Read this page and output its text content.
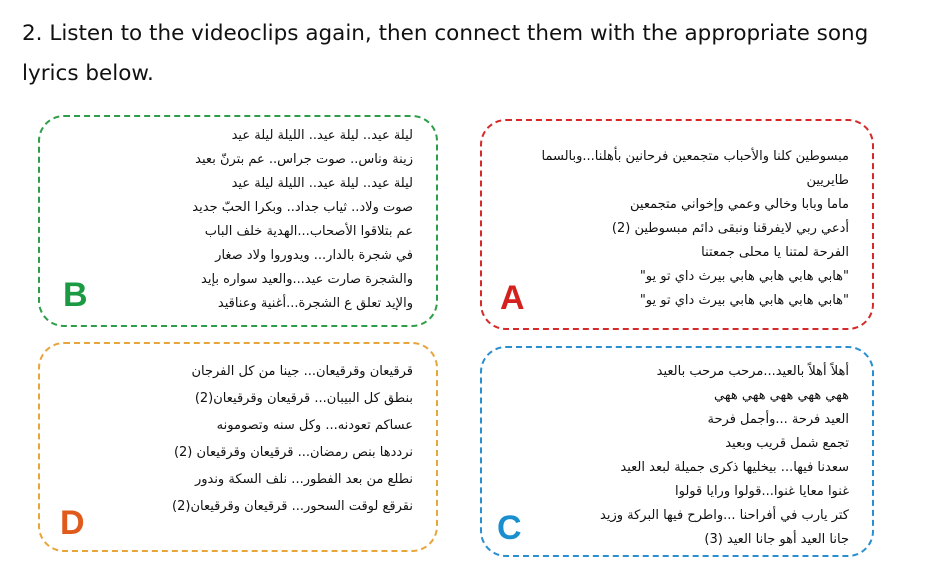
2. Listen to the videoclips again, then connect them with the appropriate song lyrics below.
ليلة عيد.. ليلة عيد.. الليلة ليلة عيد
زينة وناس.. صوت جراس.. عم بترنّ بعيد
ليلة عيد.. ليلة عيد.. الليلة ليلة عيد
صوت ولاد.. ثياب جداد.. وبكرا الحبّ جديد
عم بتلاقوا الأصحاب...الهدية خلف الباب
في شجرة بالدار... ويدوروا ولاد صغار
والشجرة صارت عيد...والعيد سواره بإيد
والإيد تعلق ع الشجرة...أغنية وعناقيد
B
مبسوطين كلنا والأحباب متجمعين فرحانين بأهلنا...وبالسما طايريين
ماما وبابا وخالي وعمي وإخواني متجمعين
أدعي ربي لايفرقنا ونبقى دائم مبسوطين (2)
الفرحة لمتنا يا محلى جمعتنا
"هابي هابي هابي هابي بيرث داي تو يو"
"هابي هابي هابي هابي بيرث داي تو يو"
A
قرقيعان وقرقيعان... جينا من كل الفرجان
بنطق كل البيبان... قرقيعان وقرقيعان(2)
عساكم تعودنه... وكل سنه وتصومونه
نرددها بنص رمضان... قرقيعان وقرقيعان (2)
نطلع من بعد الفطور... نلف السكة وندور
نقرقع لوقت السحور... قرقيعان وقرقيعان(2)
D
أهلاً أهلاً بالعيد...مرحب مرحب بالعيد
ههي ههي ههي ههي ههي
العيد فرحة ...وأجمل فرحة
تجمع شمل قريب وبعيد
سعدنا فيها... بيخليها ذكرى جميلة لبعد العيد
غنوا معايا غنوا...قولوا ورايا قولوا
كتر يارب في أفراحنا ...واطرح فيها البركة وزيد
جانا العيد أهو جانا العيد (3)
C
